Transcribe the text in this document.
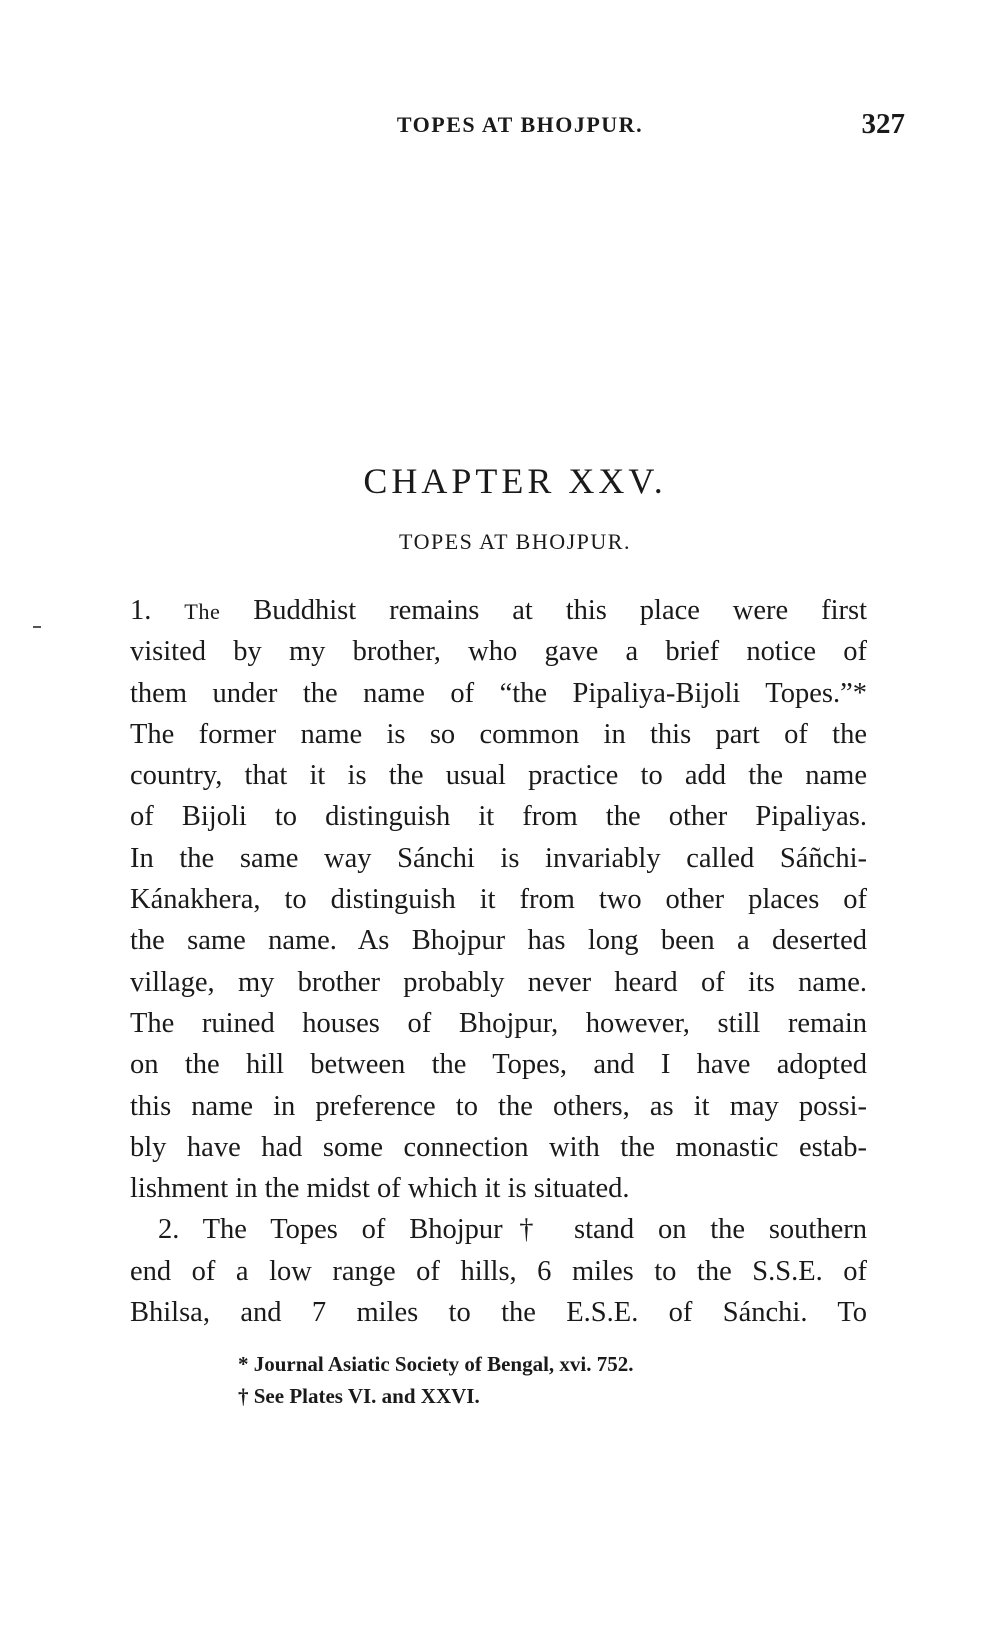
TOPES AT BHOJPUR.	327
CHAPTER XXV.
TOPES AT BHOJPUR.
1. The Buddhist remains at this place were first
visited by my brother, who gave a brief notice of
them under the name of “the Pipaliya-Bijoli Topes.”*
The former name is so common in this part of the
country, that it is the usual practice to add the name
of Bijoli to distinguish it from the other Pipaliyas.
In the same way Sánchi is invariably called Sáñchi-
Kánakhera, to distinguish it from two other places of
the same name. As Bhojpur has long been a deserted
village, my brother probably never heard of its name.
The ruined houses of Bhojpur, however, still remain
on the hill between the Topes, and I have adopted
this name in preference to the others, as it may possi-
bly have had some connection with the monastic estab-
lishment in the midst of which it is situated.
2. The Topes of Bhojpur† stand on the southern
end of a low range of hills, 6 miles to the S.S.E. of
Bhilsa, and 7 miles to the E.S.E. of Sánchi. To
* Journal Asiatic Society of Bengal, xvi. 752.
† See Plates VI. and XXVI.
